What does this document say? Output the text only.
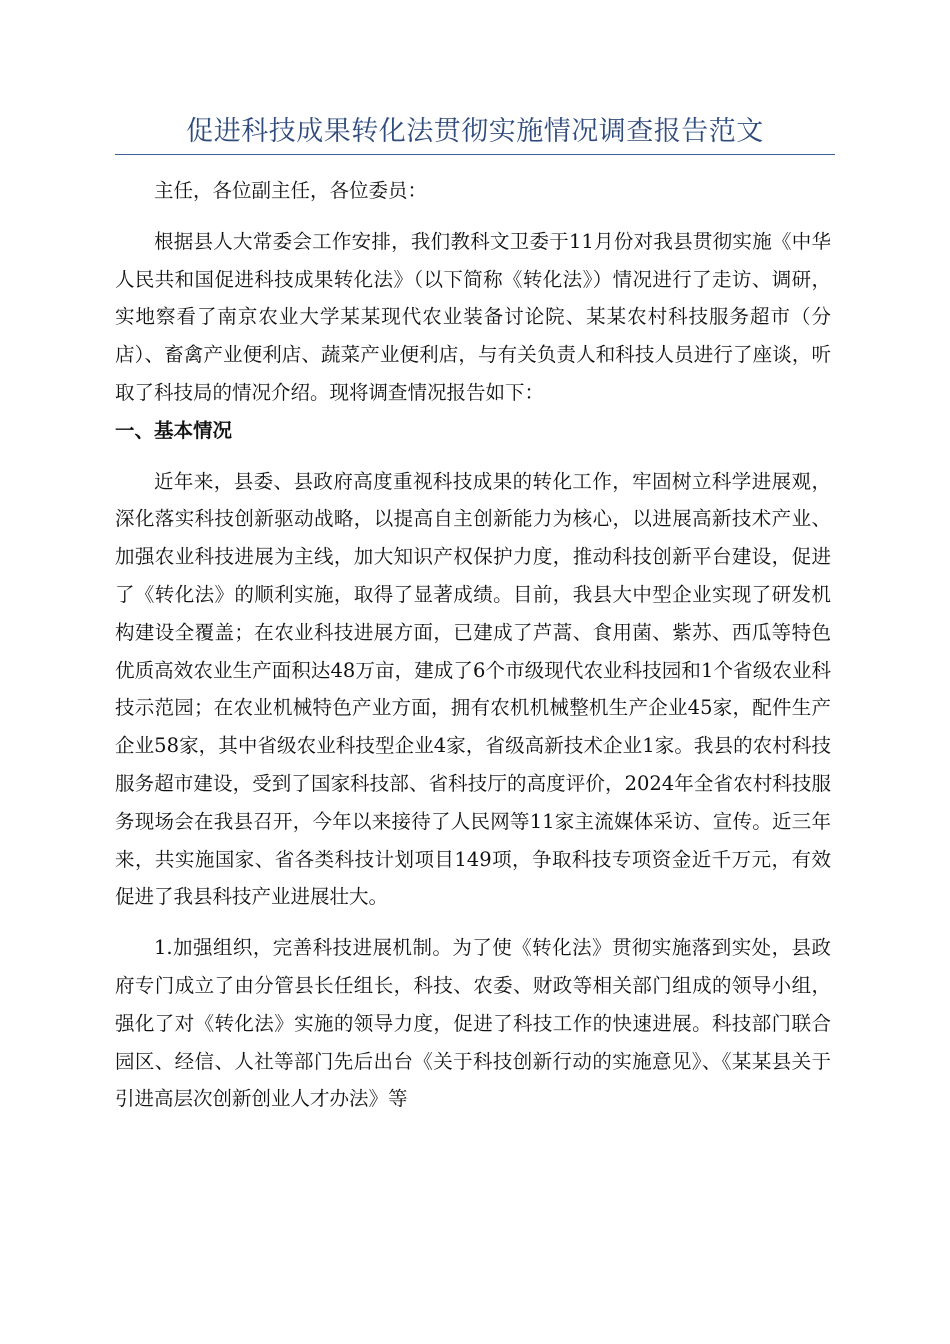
促进科技成果转化法贯彻实施情况调查报告范文

主任，各位副主任，各位委员：

根据县人大常委会工作安排，我们教科文卫委于11月份对我县贯彻实施《中华人民共和国促进科技成果转化法》（以下简称《转化法》）情况进行了走访、调研，实地察看了南京农业大学某某现代农业装备讨论院、某某农村科技服务超市（分店）、畜禽产业便利店、蔬菜产业便利店，与有关负责人和科技人员进行了座谈，听取了科技局的情况介绍。现将调查情况报告如下：

一、基本情况

近年来，县委、县政府高度重视科技成果的转化工作，牢固树立科学进展观，深化落实科技创新驱动战略，以提高自主创新能力为核心，以进展高新技术产业、加强农业科技进展为主线，加大知识产权保护力度，推动科技创新平台建设，促进了《转化法》的顺利实施，取得了显著成绩。目前，我县大中型企业实现了研发机构建设全覆盖；在农业科技进展方面，已建成了芦蒿、食用菌、紫苏、西瓜等特色优质高效农业生产面积达48万亩，建成了6个市级现代农业科技园和1个省级农业科技示范园；在农业机械特色产业方面，拥有农机机械整机生产企业45家，配件生产企业58家，其中省级农业科技型企业4家，省级高新技术企业1家。我县的农村科技服务超市建设，受到了国家科技部、省科技厅的高度评价，2024年全省农村科技服务现场会在我县召开，今年以来接待了人民网等11家主流媒体采访、宣传。近三年来，共实施国家、省各类科技计划项目149项，争取科技专项资金近千万元，有效促进了我县科技产业进展壮大。

1.加强组织，完善科技进展机制。为了使《转化法》贯彻实施落到实处，县政府专门成立了由分管县长任组长，科技、农委、财政等相关部门组成的领导小组，强化了对《转化法》实施的领导力度，促进了科技工作的快速进展。科技部门联合园区、经信、人社等部门先后出台《关于科技创新行动的实施意见》、《某某县关于引进高层次创新创业人才办法》等
